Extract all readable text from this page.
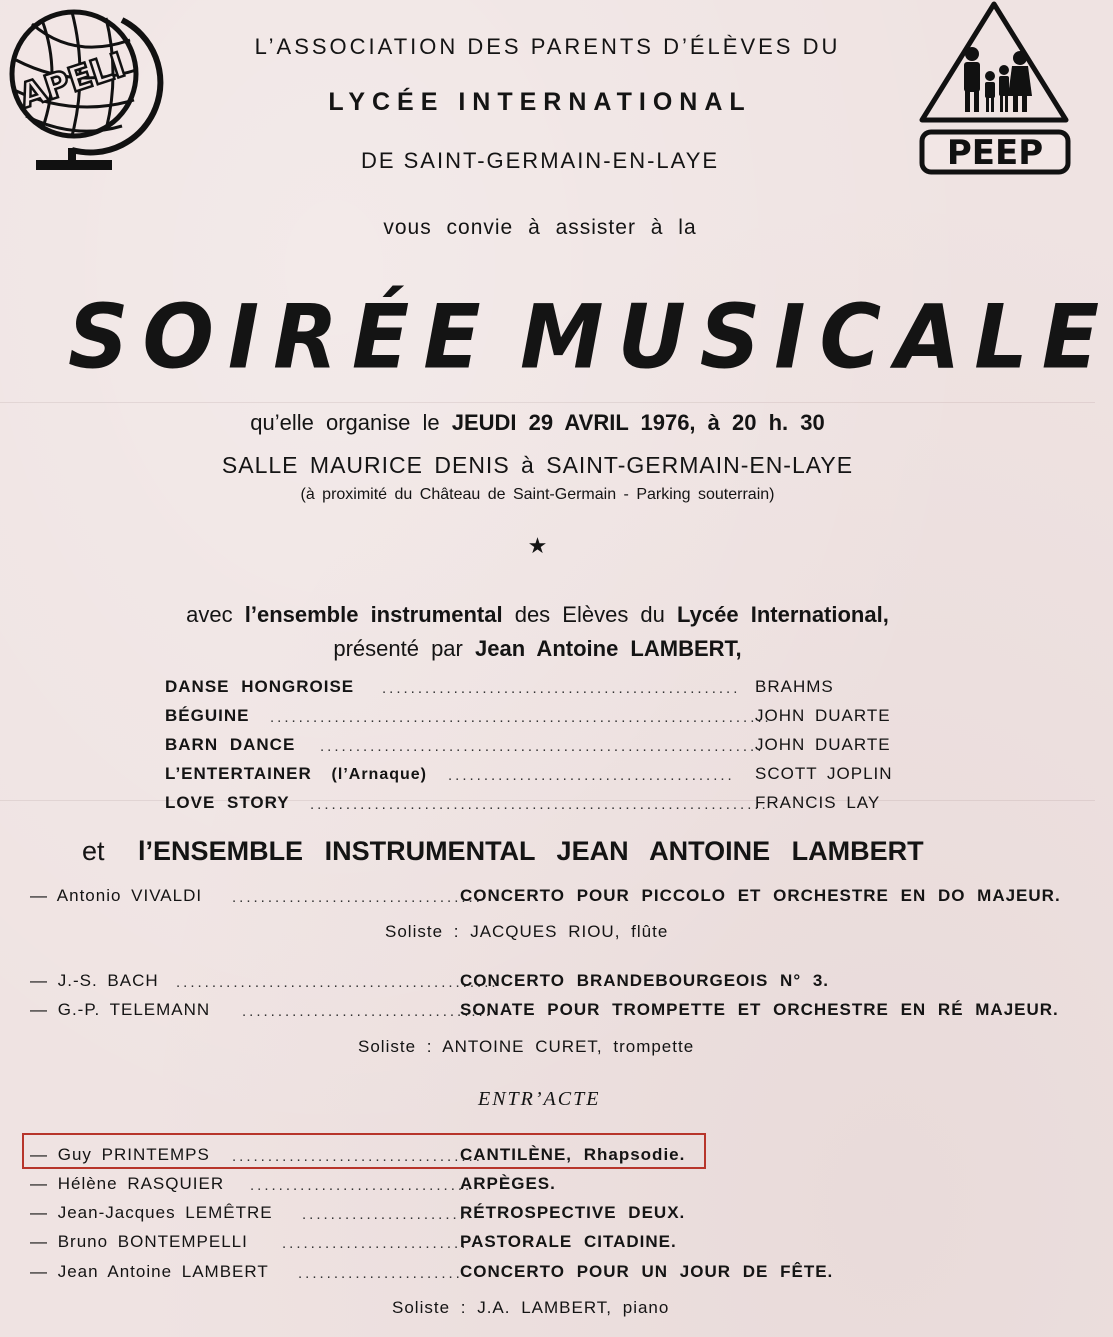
APELI
PEEP
L’ASSOCIATION DES PARENTS D’ÉLÈVES DU
LYCÉE INTERNATIONAL
DE SAINT-GERMAIN-EN-LAYE
vous convie à assister à la
SOIRÉE MUSICALE
qu’elle organise le JEUDI 29 AVRIL 1976, à 20 h. 30
SALLE MAURICE DENIS à SAINT-GERMAIN-EN-LAYE
(à proximité du Château de Saint-Germain - Parking souterrain)
★
avec l’ensemble instrumental des Elèves du Lycée International,
présenté par Jean Antoine LAMBERT,
DANSE HONGROISE .................................................. BRAHMS
BÉGUINE ......................................................................
JOHN DUARTE
BARN DANCE ..............................................................
JOHN DUARTE
L’ENTERTAINER (l’Arnaque) ........................................ SCOTT JOPLIN
LOVE STORY ................................................................
FRANCIS LAY
et l’ENSEMBLE INSTRUMENTAL JEAN ANTOINE LAMBERT
— Antonio VIVALDI ...................................
CONCERTO POUR PICCOLO ET ORCHESTRE EN DO MAJEUR.
Soliste : JACQUES RIOU, flûte
— J.-S. BACH .............................................
CONCERTO BRANDEBOURGEOIS N° 3.
— G.-P. TELEMANN ...................................
SONATE POUR TROMPETTE ET ORCHESTRE EN RÉ MAJEUR.
Soliste : ANTOINE CURET, trompette
ENTR’ACTE
— Guy PRINTEMPS ...................................
CANTILÈNE, Rhapsodie.
— Hélène RASQUIER ...............................
ARPÈGES.
— Jean-Jacques LEMÊTRE .......................
RÉTROSPECTIVE DEUX.
— Bruno BONTEMPELLI ..........................
PASTORALE CITADINE.
— Jean Antoine LAMBERT .......................
CONCERTO POUR UN JOUR DE FÊTE.
Soliste : J.A. LAMBERT, piano
